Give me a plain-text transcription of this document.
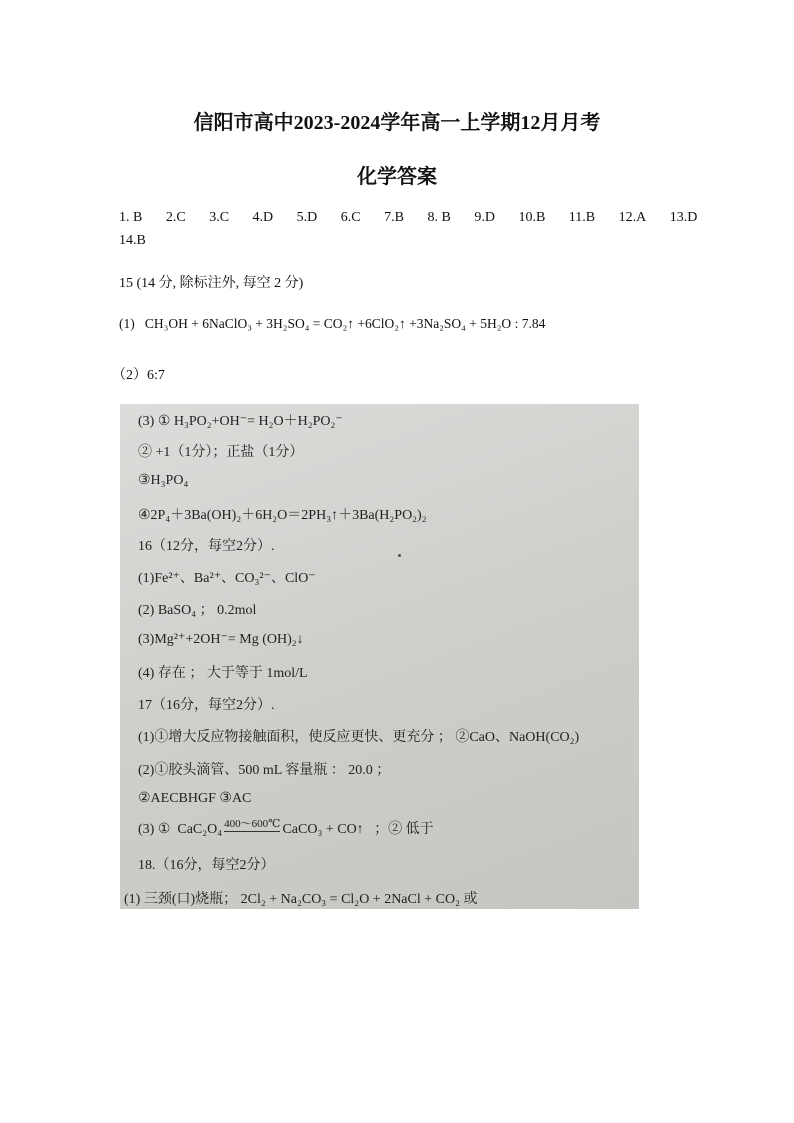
信阳市高中2023-2024学年高一上学期12月月考
化学答案
1. B 2.C 3.C 4.D 5.D 6.C 7.B 8. B 9.D 10.B 11.B 12.A 13.D
14.B
15 (14 分, 除标注外, 每空 2 分)
(1) CH₃OH + 6NaClO₃ + 3H₂SO₄ = CO₂↑ +6ClO₂↑ +3Na₂SO₄ + 5H₂O : 7.84
（2）6:7
(3) ① H₃PO₂+OH⁻= H₂O＋H₂PO₂⁻
② +1（1分）；正盐（1分）
③H₃PO₄
④2P₄＋3Ba(OH)₂＋6H₂O＝2PH₃↑＋3Ba(H₂PO₂)₂
16（12分，每空2分）.
(1)Fe²⁺、Ba²⁺、CO₃²⁻、ClO⁻
(2) BaSO₄ ； 0.2mol
(3)Mg²⁺+2OH⁻= Mg (OH)₂↓
(4) 存在 ； 大于等于 1mol/L
17（16分，每空2分）.
(1)①增大反应物接触面积，使反应更快、更充分 ； ②CaO、NaOH(CO₂)
(2)①胶头滴管、500 mL 容量瓶 ： 20.0 ；
②AECBHGF ③AC
(3) ① CaC₂O₄ 400～600℃ CaCO₃ + CO↑ ；② 低于
18.（16分，每空2分）
(1) 三颈(口)烧瓶； 2Cl₂ + Na₂CO₃ = Cl₂O + 2NaCl + CO₂ 或
